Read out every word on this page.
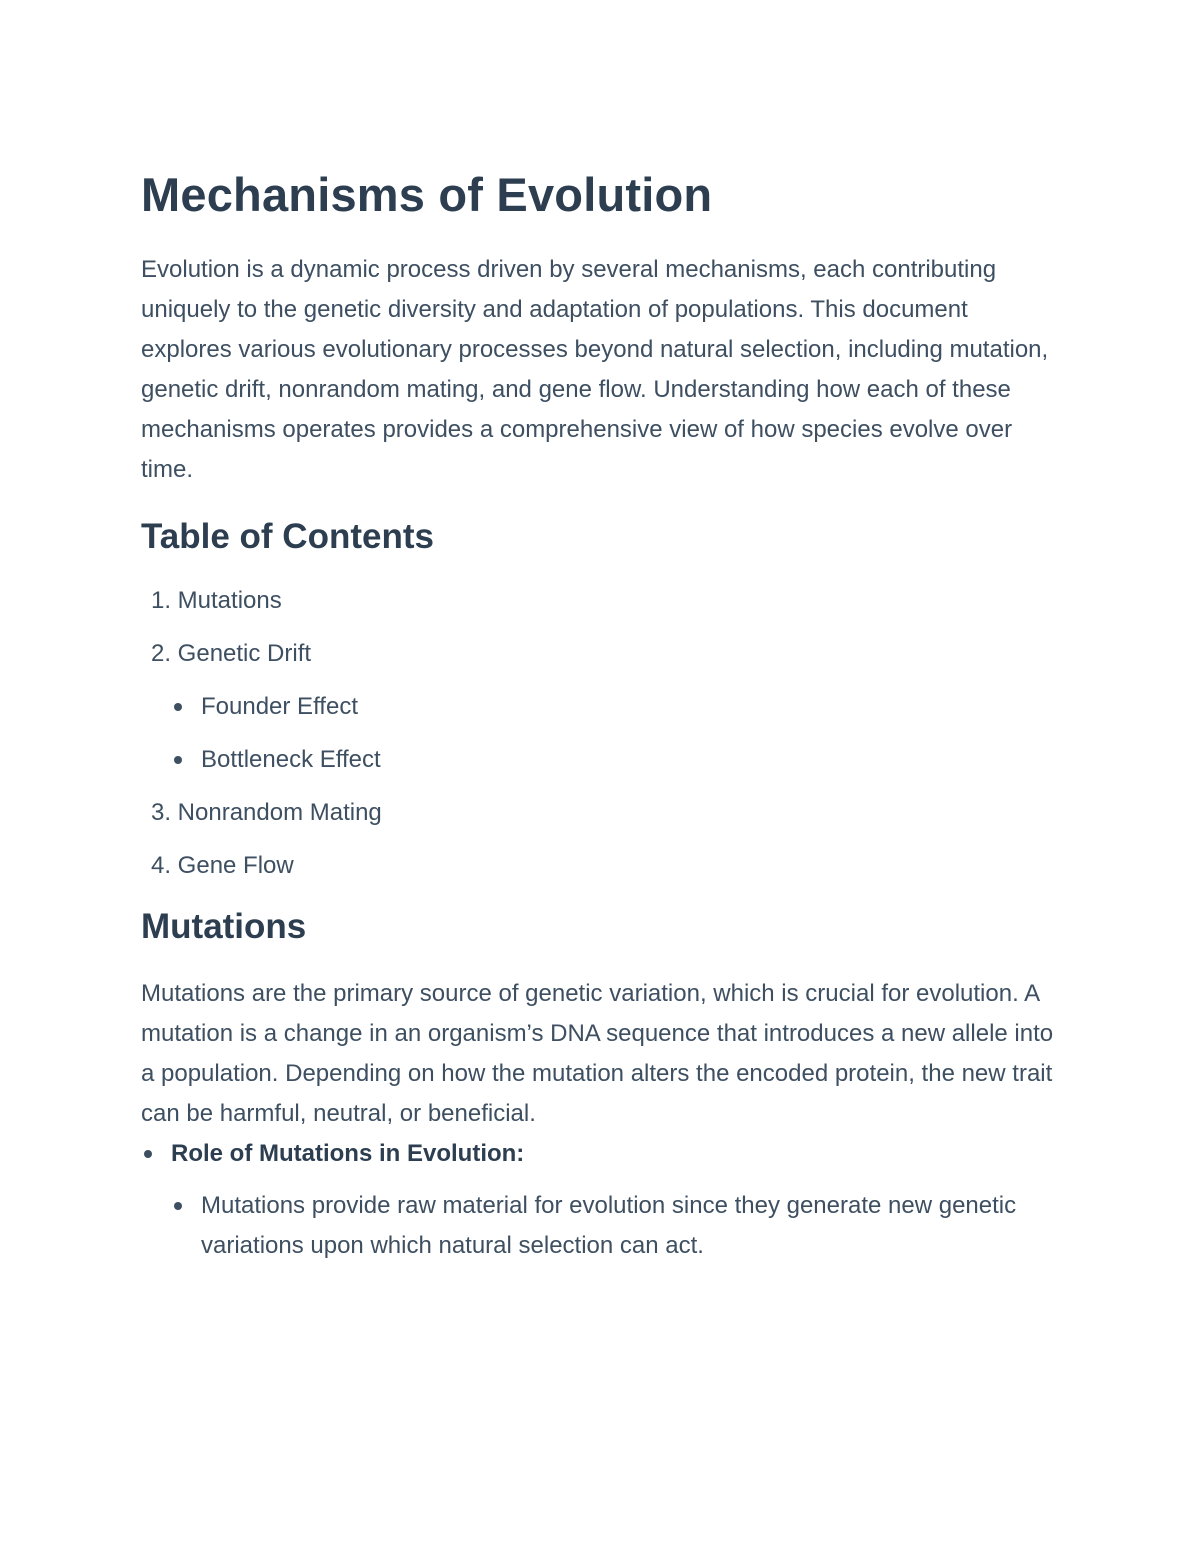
Mechanisms of Evolution

Evolution is a dynamic process driven by several mechanisms, each contributing uniquely to the genetic diversity and adaptation of populations. This document explores various evolutionary processes beyond natural selection, including mutation, genetic drift, nonrandom mating, and gene flow. Understanding how each of these mechanisms operates provides a comprehensive view of how species evolve over time.

Table of Contents
1. Mutations
2. Genetic Drift
Founder Effect
Bottleneck Effect
3. Nonrandom Mating
4. Gene Flow
Mutations

Mutations are the primary source of genetic variation, which is crucial for evolution. A mutation is a change in an organism’s DNA sequence that introduces a new allele into a population. Depending on how the mutation alters the encoded protein, the new trait can be harmful, neutral, or beneficial.

Role of Mutations in Evolution:
Mutations provide raw material for evolution since they generate new genetic variations upon which natural selection can act.
